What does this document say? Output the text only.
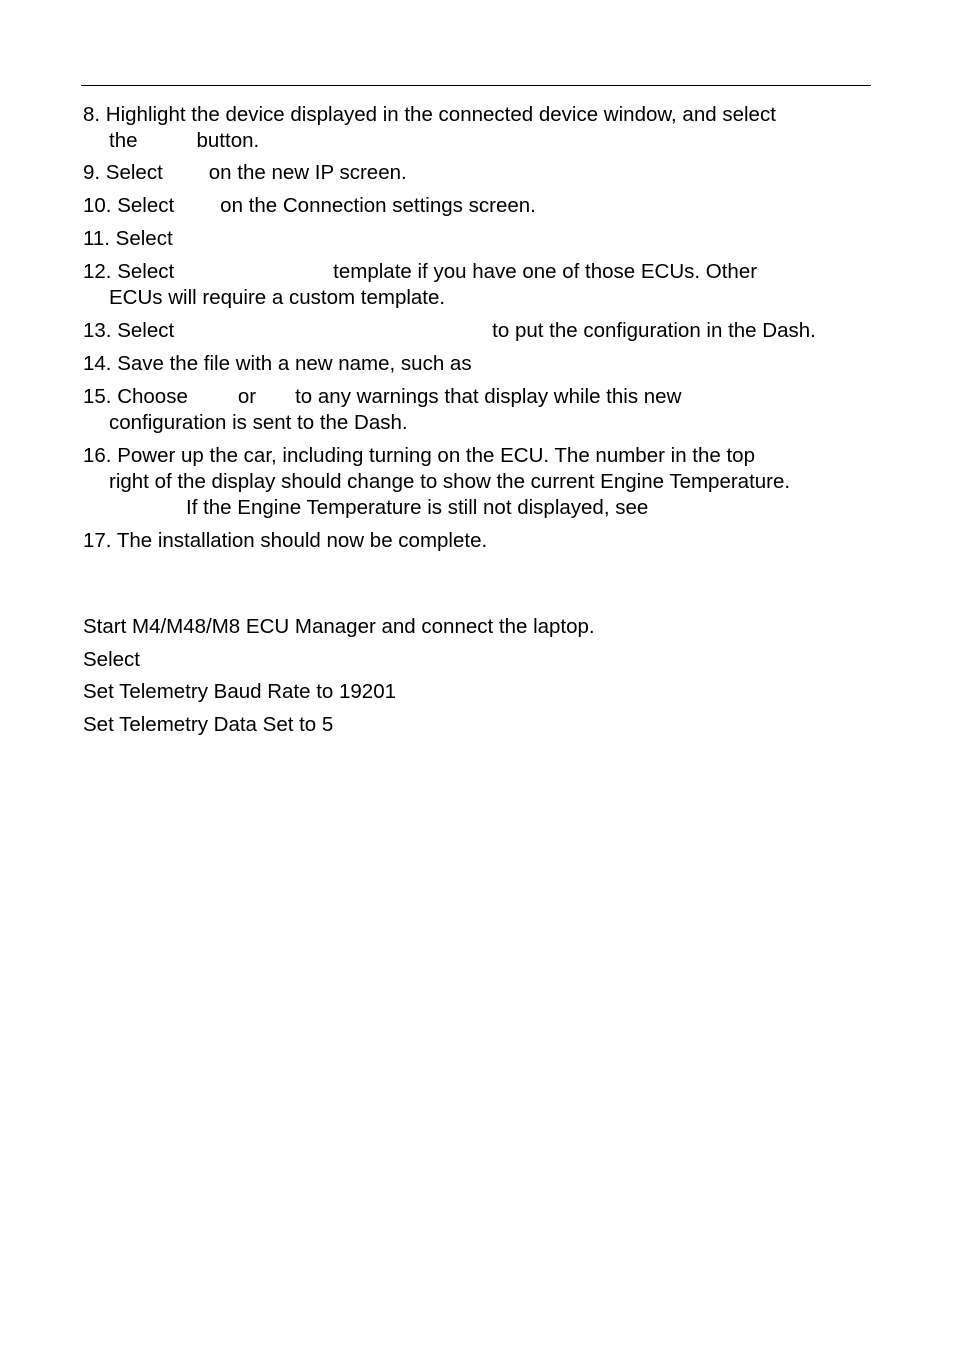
8. Highlight the device displayed in the connected device window, and select
the	button.
9. Select on the new IP screen.
10. Select on the Connection settings screen.
11. Select
12. Select	template if you have one of those ECUs. Other
ECUs will require a custom template.
13. Select	to put the configuration in the Dash.
14. Save the file with a new name, such as
15. Choose or to any warnings that display while this new
configuration is sent to the Dash.
16. Power up the car, including turning on the ECU. The number in the top
right of the display should change to show the current Engine Temperature.
If the Engine Temperature is still not displayed, see
17. The installation should now be complete.
Start M4/M48/M8 ECU Manager and connect the laptop.
Select
Set Telemetry Baud Rate to 19201
Set Telemetry Data Set to 5
